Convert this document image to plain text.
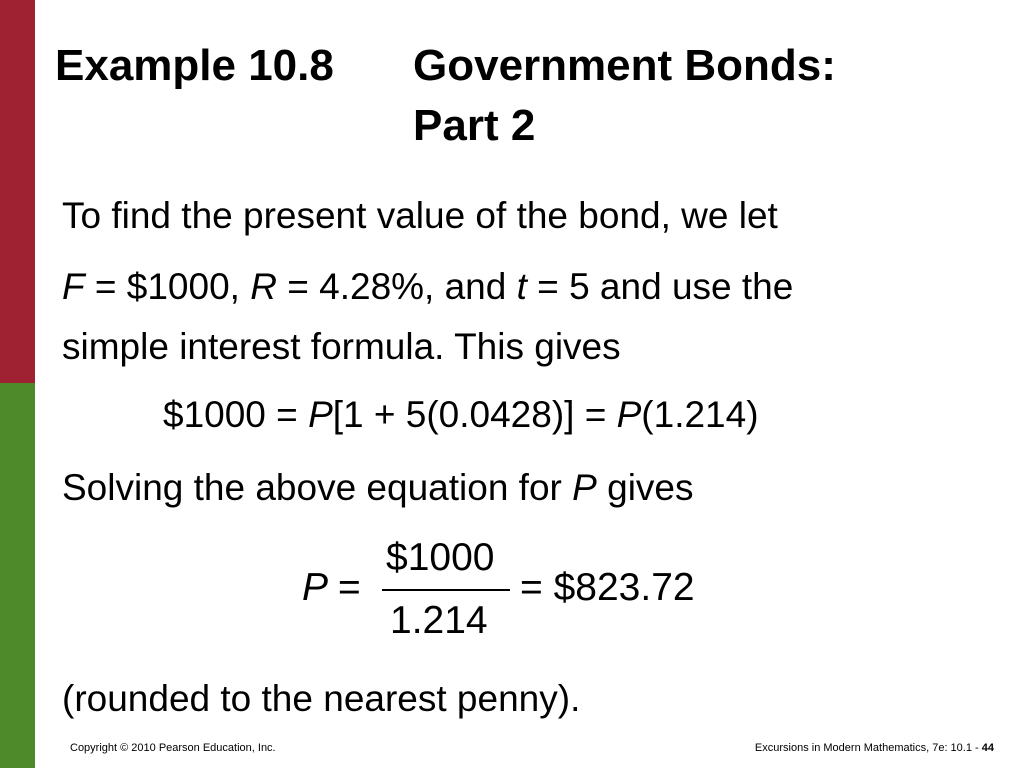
Example 10.8 Government Bonds:
Part 2
To find the present value of the bond, we let
F = $1000, R = 4.28%, and t = 5 and use the
simple interest formula. This gives
$1000 = P[1 + 5(0.0428)] = P(1.214)
Solving the above equation for P gives
P =
$1000
1.214
= $823.72
(rounded to the nearest penny).
Copyright © 2010 Pearson Education, Inc.	Excursions in Modern Mathematics, 7e: 10.1 - 44
